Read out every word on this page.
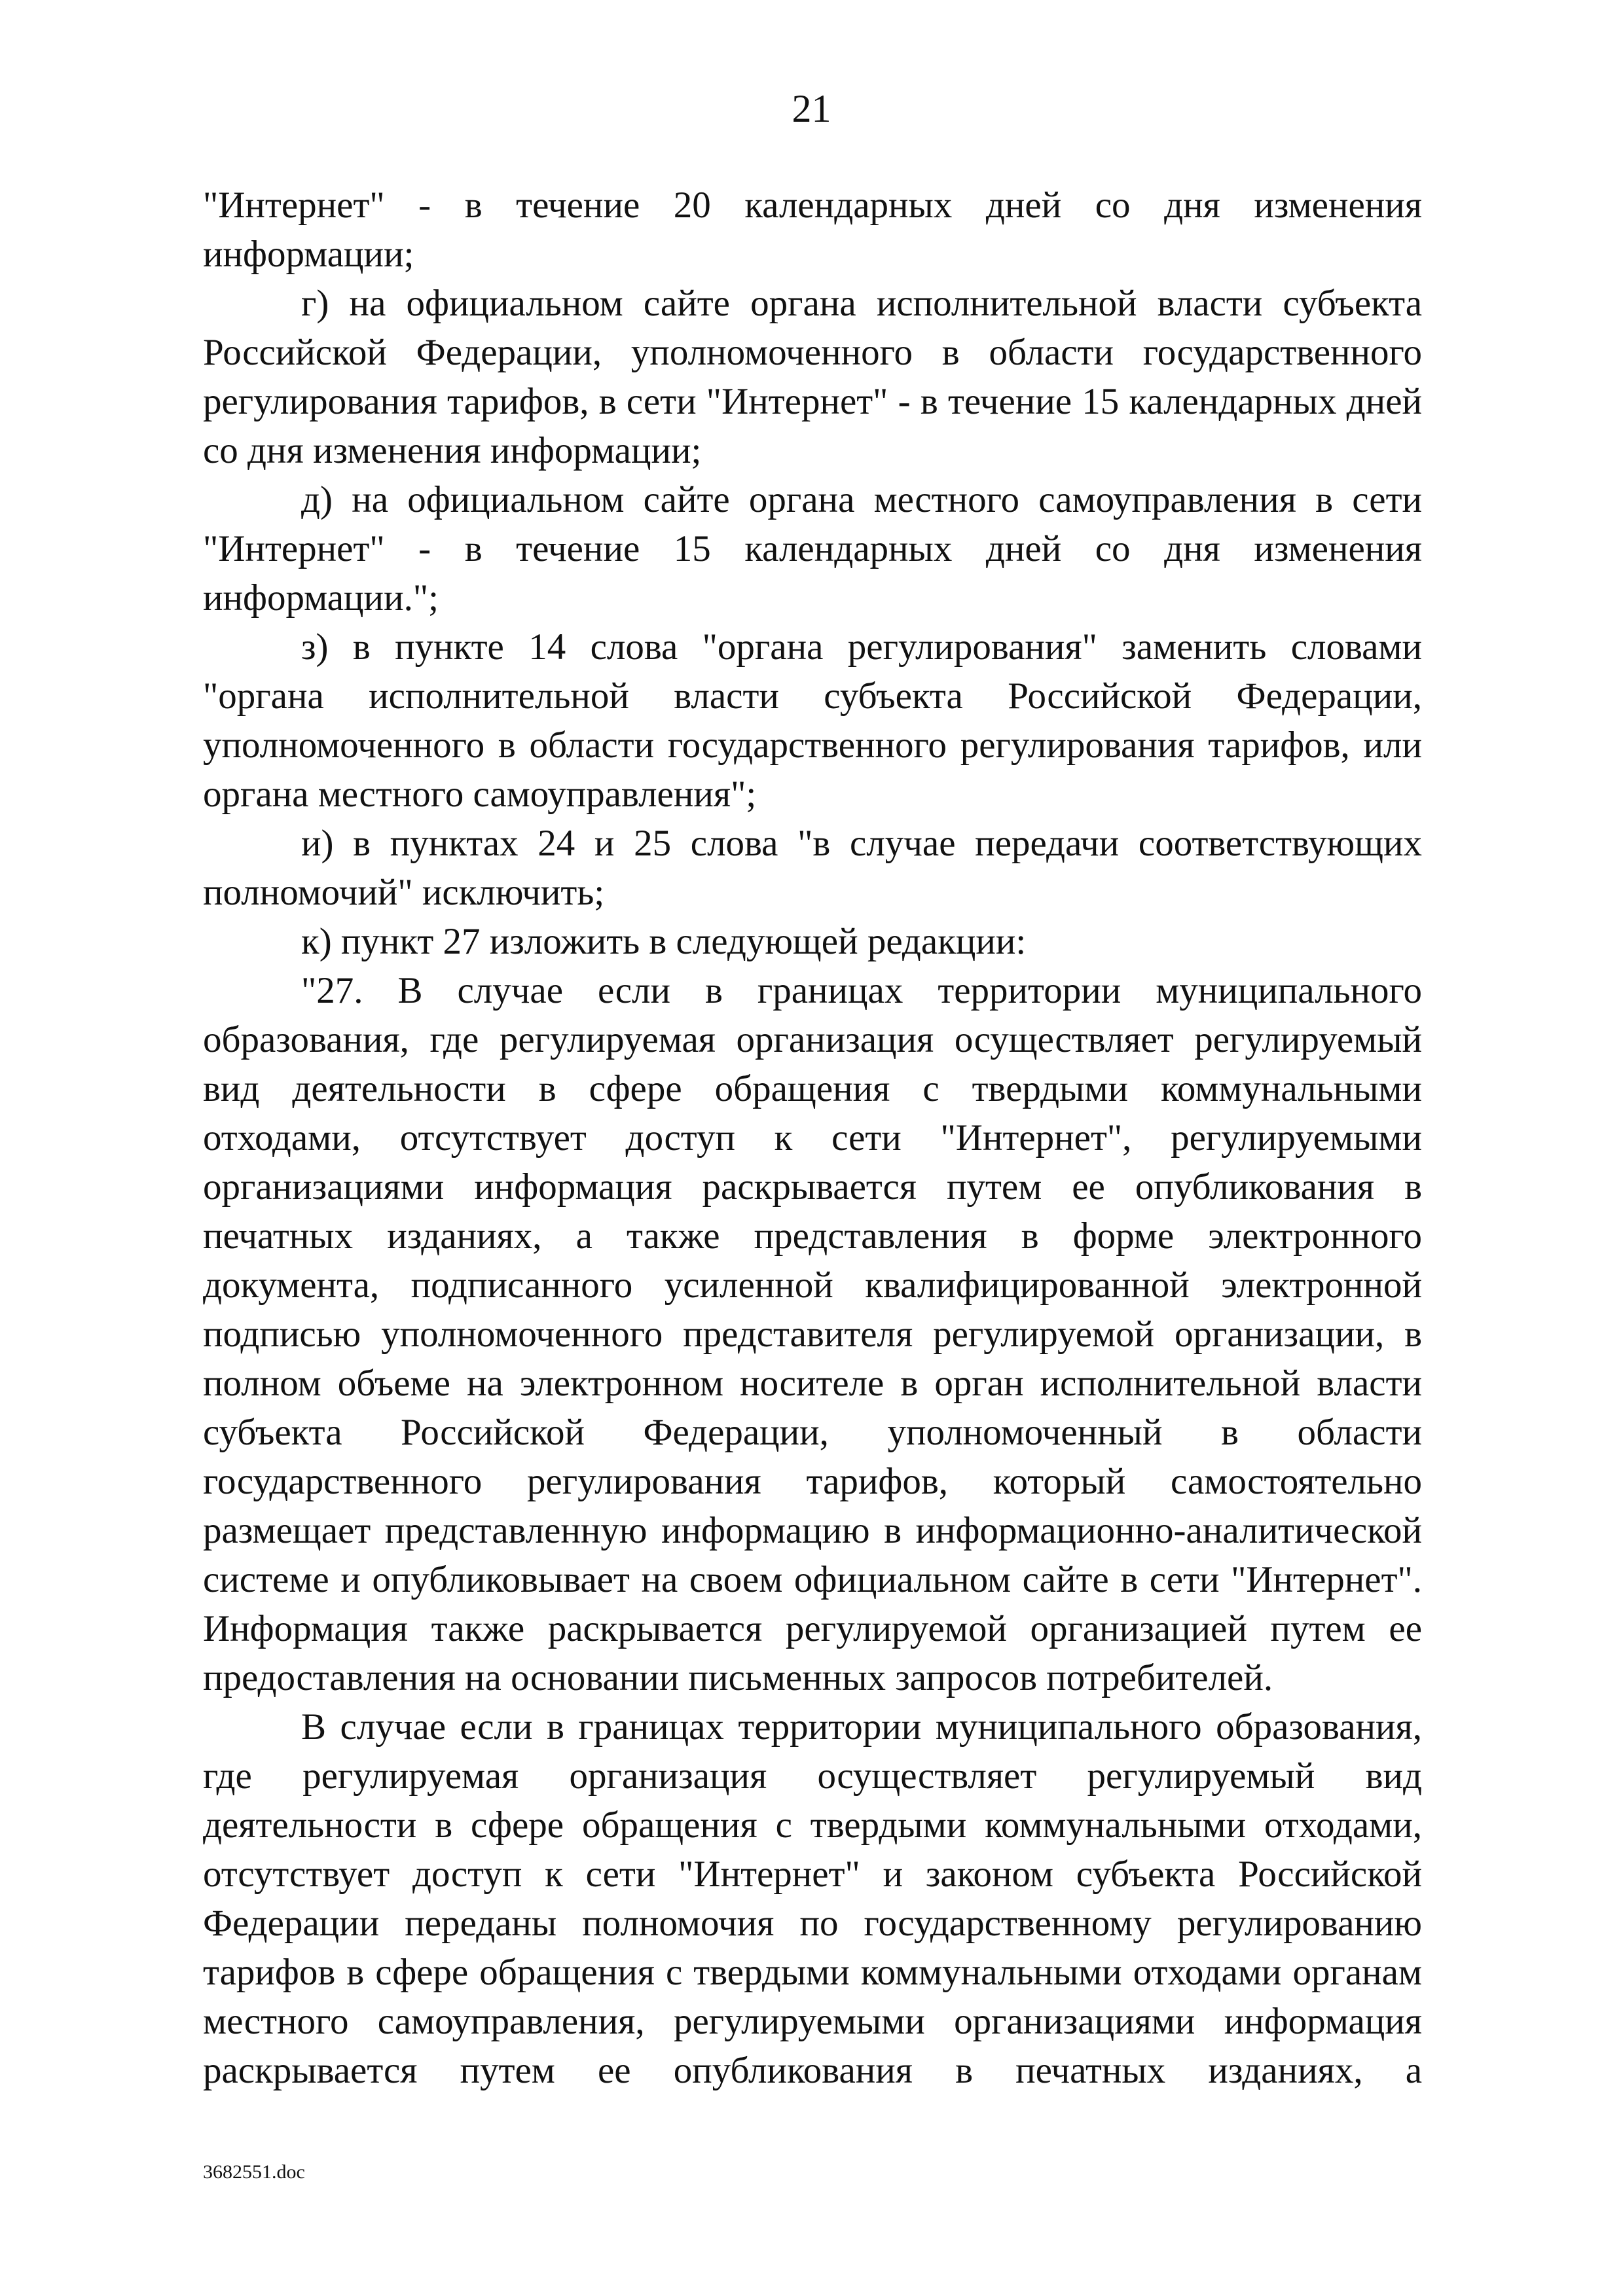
21

"Интернет" - в течение 20 календарных дней со дня изменения информации;

г) на официальном сайте органа исполнительной власти субъекта Российской Федерации, уполномоченного в области государственного регулирования тарифов, в сети "Интернет" - в течение 15 календарных дней со дня изменения информации;

д) на официальном сайте органа местного самоуправления в сети "Интернет" - в течение 15 календарных дней со дня изменения информации.";

з) в пункте 14 слова "органа регулирования" заменить словами "органа исполнительной власти субъекта Российской Федерации, уполномоченного в области государственного регулирования тарифов, или органа местного самоуправления";

и) в пунктах 24 и 25 слова "в случае передачи соответствующих полномочий" исключить;

к) пункт 27 изложить в следующей редакции:

"27. В случае если в границах территории муниципального образования, где регулируемая организация осуществляет регулируемый вид деятельности в сфере обращения с твердыми коммунальными отходами, отсутствует доступ к сети "Интернет", регулируемыми организациями информация раскрывается путем ее опубликования в печатных изданиях, а также представления в форме электронного документа, подписанного усиленной квалифицированной электронной подписью уполномоченного представителя регулируемой организации, в полном объеме на электронном носителе в орган исполнительной власти субъекта Российской Федерации, уполномоченный в области государственного регулирования тарифов, который самостоятельно размещает представленную информацию в информационно-аналитической системе и опубликовывает на своем официальном сайте в сети "Интернет". Информация также раскрывается регулируемой организацией путем ее предоставления на основании письменных запросов потребителей.

В случае если в границах территории муниципального образования, где регулируемая организация осуществляет регулируемый вид деятельности в сфере обращения с твердыми коммунальными отходами, отсутствует доступ к сети "Интернет" и законом субъекта Российской Федерации переданы полномочия по государственному регулированию тарифов в сфере обращения с твердыми коммунальными отходами органам местного самоуправления, регулируемыми организациями информация раскрывается путем ее опубликования в печатных изданиях, а

3682551.doc
